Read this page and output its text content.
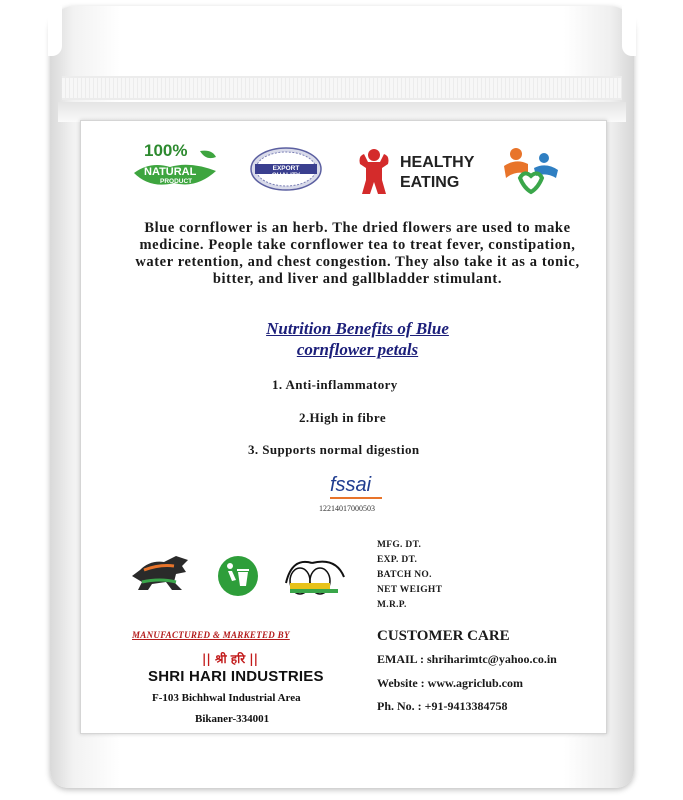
100%
NATURAL
PRODUCT
EXPORT QUALITY
HEALTHY
EATING
Blue cornflower is an herb. The dried flowers are used to make medicine. People take cornflower tea to treat fever, constipation, water retention, and chest congestion. They also take it as a tonic, bitter, and liver and gallbladder stimulant.
Nutrition Benefits of Blue
cornflower petals
1. Anti-inflammatory
2.High in fibre
3. Supports normal digestion
fssai
12214017000503
MFG. DT.
EXP. DT.
BATCH NO.
NET WEIGHT
M.R.P.
MANUFACTURED & MARKETED BY
|| श्री हरि ||
SHRI HARI INDUSTRIES
F-103 Bichhwal Industrial Area
Bikaner-334001
CUSTOMER CARE
EMAIL : shriharimtc@yahoo.co.in
Website : www.agriclub.com
Ph. No. : +91-9413384758
